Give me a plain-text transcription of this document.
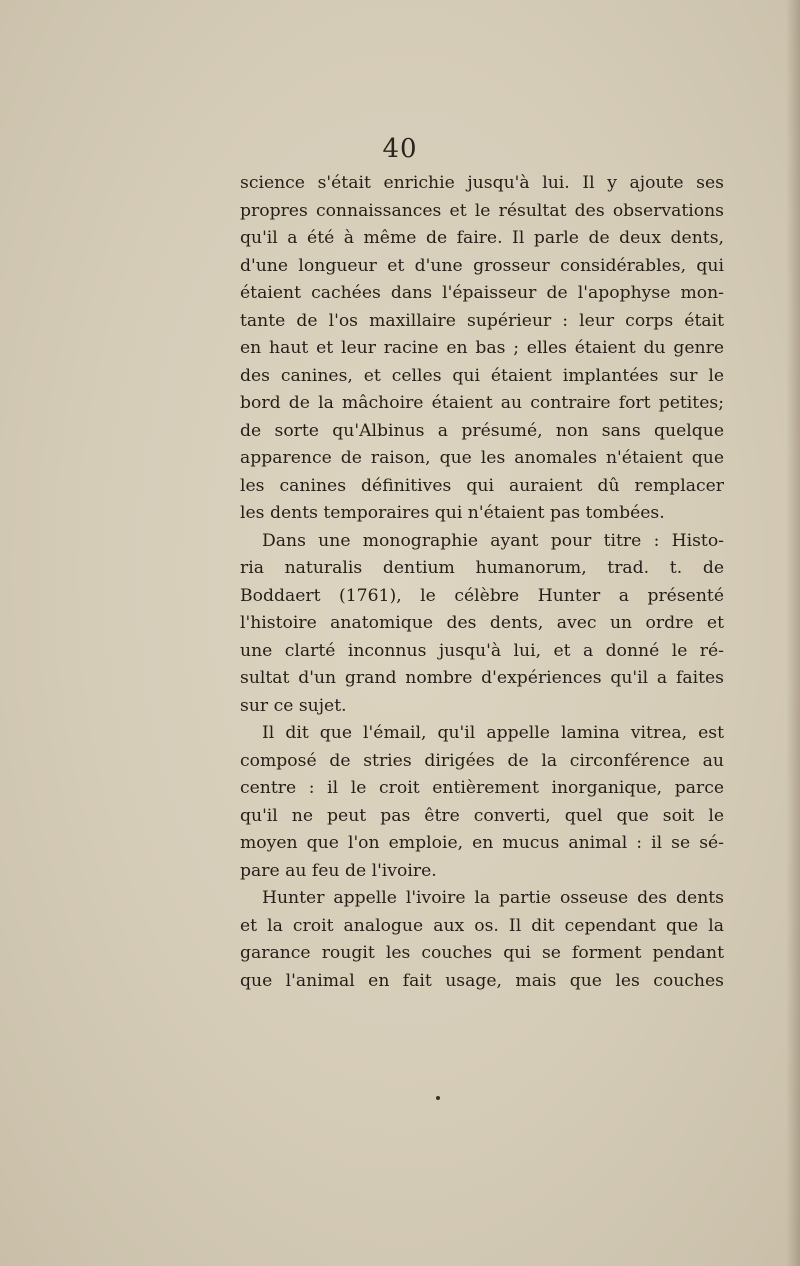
40
science s'était enrichie jusqu'à lui. Il y ajoute ses
propres connaissances et le résultat des observations
qu'il a été à même de faire. Il parle de deux dents,
d'une longueur et d'une grosseur considérables, qui
étaient cachées dans l'épaisseur de l'apophyse mon-
tante de l'os maxillaire supérieur : leur corps était
en haut et leur racine en bas ; elles étaient du genre
des canines, et celles qui étaient implantées sur le
bord de la mâchoire étaient au contraire fort petites;
de sorte qu'Albinus a présumé, non sans quelque
apparence de raison, que les anomales n'étaient que
les canines définitives qui auraient dû remplacer
les dents temporaires qui n'étaient pas tombées.
Dans une monographie ayant pour titre : Histo-
ria naturalis dentium humanorum, trad. t. de
Boddaert (1761), le célèbre Hunter a présenté
l'histoire anatomique des dents, avec un ordre et
une clarté inconnus jusqu'à lui, et a donné le ré-
sultat d'un grand nombre d'expériences qu'il a faites
sur ce sujet.
Il dit que l'émail, qu'il appelle lamina vitrea, est
composé de stries dirigées de la circonférence au
centre : il le croit entièrement inorganique, parce
qu'il ne peut pas être converti, quel que soit le
moyen que l'on emploie, en mucus animal : il se sé-
pare au feu de l'ivoire.
Hunter appelle l'ivoire la partie osseuse des dents
et la croit analogue aux os. Il dit cependant que la
garance rougit les couches qui se forment pendant
que l'animal en fait usage, mais que les couches
